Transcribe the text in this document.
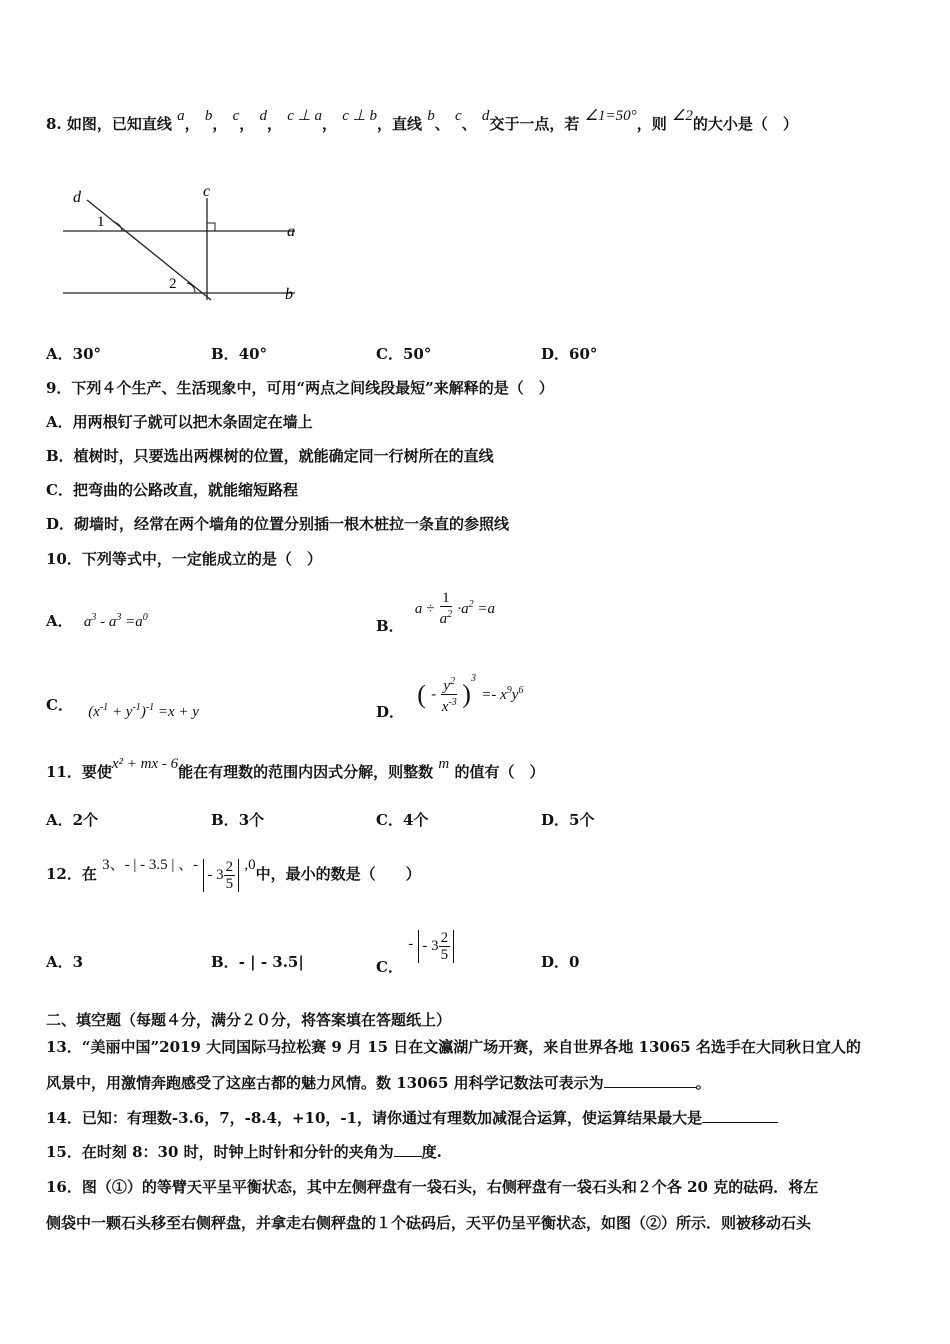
8. 如图，已知直线 a， b， c， d， c ⊥ a， c ⊥ b，直线 b、 c、 d交于一点，若 ∠1=50°，则 ∠2的大小是（　）
d	c
a
b
1
2
A．30°	B．40°	C．50°	D．60°
9．下列４个生产、生活现象中，可用“两点之间线段最短”来解释的是（　）
A．用两根钉子就可以把木条固定在墙上
B．植树时，只要选出两棵树的位置，就能确定同一行树所在的直线
C．把弯曲的公路改直，就能缩短路程
D．砌墙时，经常在两个墙角的位置分别插一根木桩拉一条直的参照线
10．下列等式中，一定能成立的是（　）
A． $a^3 - a^3 =a^0$	B． $a \div \frac{1}{a^2} \cdot a^2 =a$
C． $(x^{-1} + y^{-1})^{-1} =x + y$	D． ( - $\frac{y^2}{x^{-3}} )^3 =- x^9y^6$
11．要使x² + mx - 6能在有理数的范围内因式分解，则整数 m 的值有（　）
A．2个	B．3个	C．4个	D．5个
12．在 3、- | - 3.5 | 、- - $3 \frac{2}{5} ,0$中，最小的数是（　　）
A．3	B．- | - 3.5|	C． - - $3 \frac{2}{5}$	D．0
二、填空题（每题４分，满分２０分，将答案填在答题纸上）
13．“美丽中国”2019 大同国际马拉松赛 9 月 15 日在文瀛湖广场开赛，来自世界各地 13065 名选手在大同秋日宜人的
风景中，用激情奔跑感受了这座古都的魅力风情。数 13065 用科学记数法可表示为	。
14．已知：有理数-3.6，7，-8.4，+10，-1，请你通过有理数加减混合运算，使运算结果最大是
15．在时刻 8：30 时，时钟上时针和分针的夹角为 度.
16．图（①）的等臂天平呈平衡状态，其中左侧秤盘有一袋石头，右侧秤盘有一袋石头和２个各 20 克的砝码．将左
侧袋中一颗石头移至右侧秤盘，并拿走右侧秤盘的１个砝码后，天平仍呈平衡状态，如图（②）所示．则被移动石头
